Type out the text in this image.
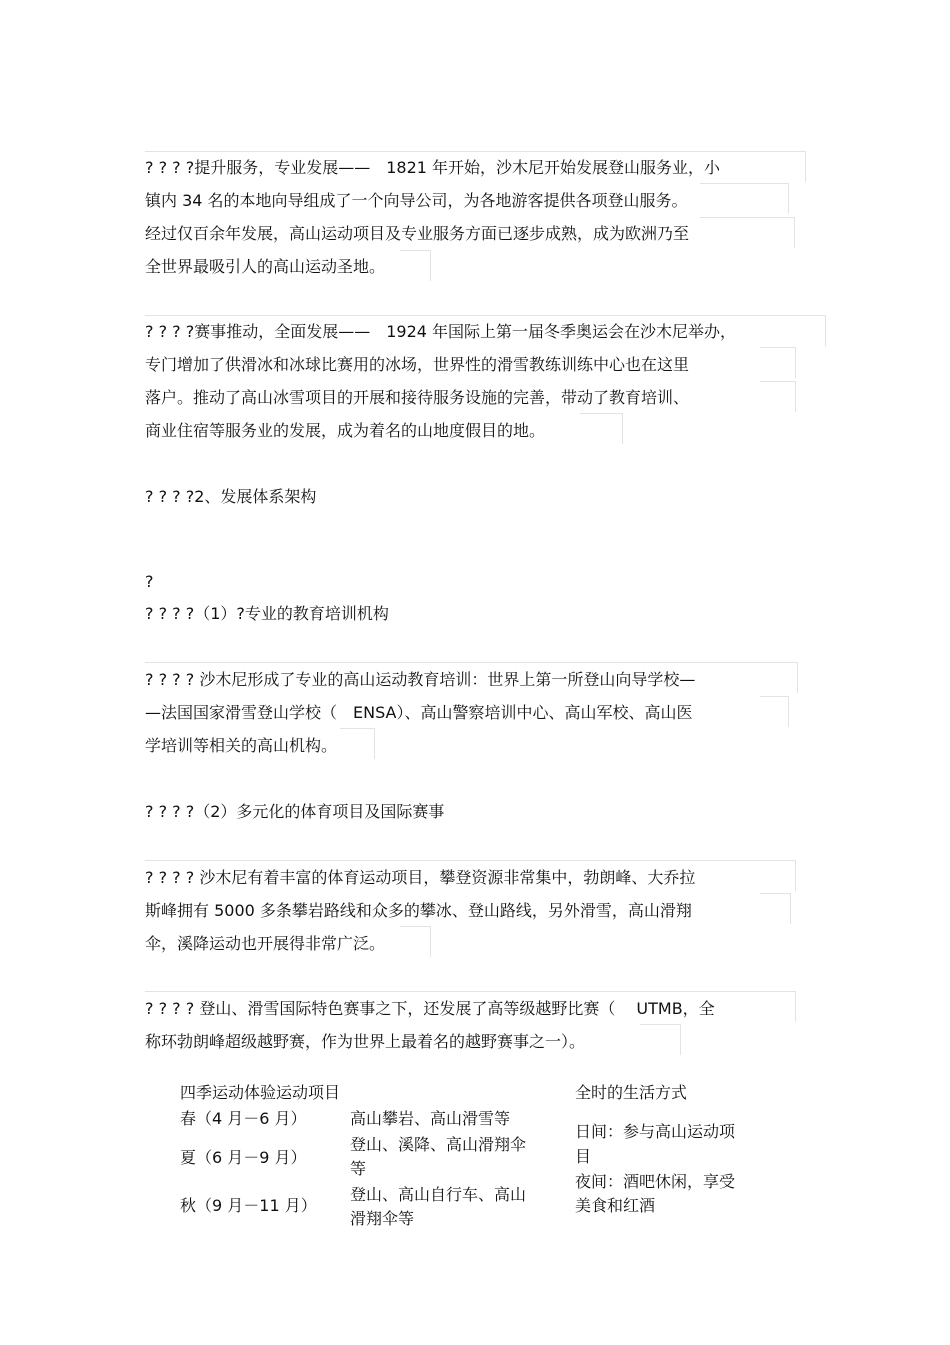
? ? ? ?提升服务，专业发展——　1821 年开始，沙木尼开始发展登山服务业，小
镇内 34 名的本地向导组成了一个向导公司，为各地游客提供各项登山服务。
经过仅百余年发展，高山运动项目及专业服务方面已逐步成熟，成为欧洲乃至
全世界最吸引人的高山运动圣地。
? ? ? ?赛事推动，全面发展——　1924 年国际上第一届冬季奥运会在沙木尼举办，
专门增加了供滑冰和冰球比赛用的冰场，世界性的滑雪教练训练中心也在这里
落户。推动了高山冰雪项目的开展和接待服务设施的完善，带动了教育培训、
商业住宿等服务业的发展，成为着名的山地度假目的地。
? ? ? ?2、发展体系架构
?
? ? ? ?（1）?专业的教育培训机构
? ? ? ? 沙木尼形成了专业的高山运动教育培训：世界上第一所登山向导学校—
—法国国家滑雪登山学校（　ENSA）、高山警察培训中心、高山军校、高山医
学培训等相关的高山机构。
? ? ? ?（2）多元化的体育项目及国际赛事
? ? ? ? 沙木尼有着丰富的体育运动项目，攀登资源非常集中，勃朗峰、大乔拉
斯峰拥有 5000 多条攀岩路线和众多的攀冰、登山路线，另外滑雪，高山滑翔
伞，溪降运动也开展得非常广泛。
? ? ? ? 登山、滑雪国际特色赛事之下，还发展了高等级越野比赛（　 UTMB，全
称环勃朗峰超级越野赛，作为世界上最着名的越野赛事之一）。
四季运动体验运动项目	全时的生活方式
春（4 月－6 月）	高山攀岩、高山滑雪等
夏（6 月－9 月）
登山、溪降、高山滑翔伞
等
秋（9 月－11 月）
登山、高山自行车、高山
滑翔伞等
日间：参与高山运动项
目
夜间：酒吧休闲，享受
美食和红酒
